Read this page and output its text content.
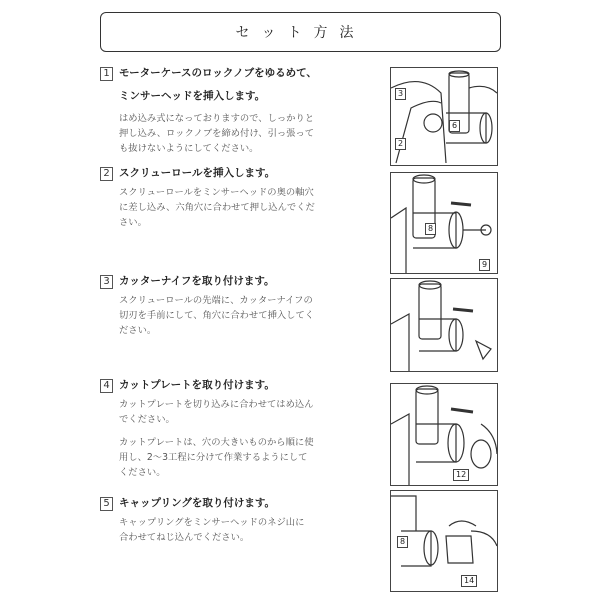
セット方法
1 モーターケースのロックノブをゆるめて、
ミンサーヘッドを挿入します。
はめ込み式になっておりますので、しっかりと
押し込み、ロックノブを締め付け、引っ張って
も抜けないようにしてください。
2 スクリューロールを挿入します。
スクリューロールをミンサーヘッドの奥の軸穴
に差し込み、六角穴に合わせて押し込んでくだ
さい。
3 カッターナイフを取り付けます。
スクリューロールの先端に、カッターナイフの
切刃を手前にして、角穴に合わせて挿入してく
ださい。
4 カットプレートを取り付けます。
カットプレートを切り込みに合わせてはめ込ん
でください。
カットプレートは、穴の大きいものから順に使
用し、2～3工程に分けて作業するようにして
ください。
5 キャップリングを取り付けます。
キャップリングをミンサーヘッドのネジ山に
合わせてねじ込んでください。
3
6
2
8
9
12
8
14
